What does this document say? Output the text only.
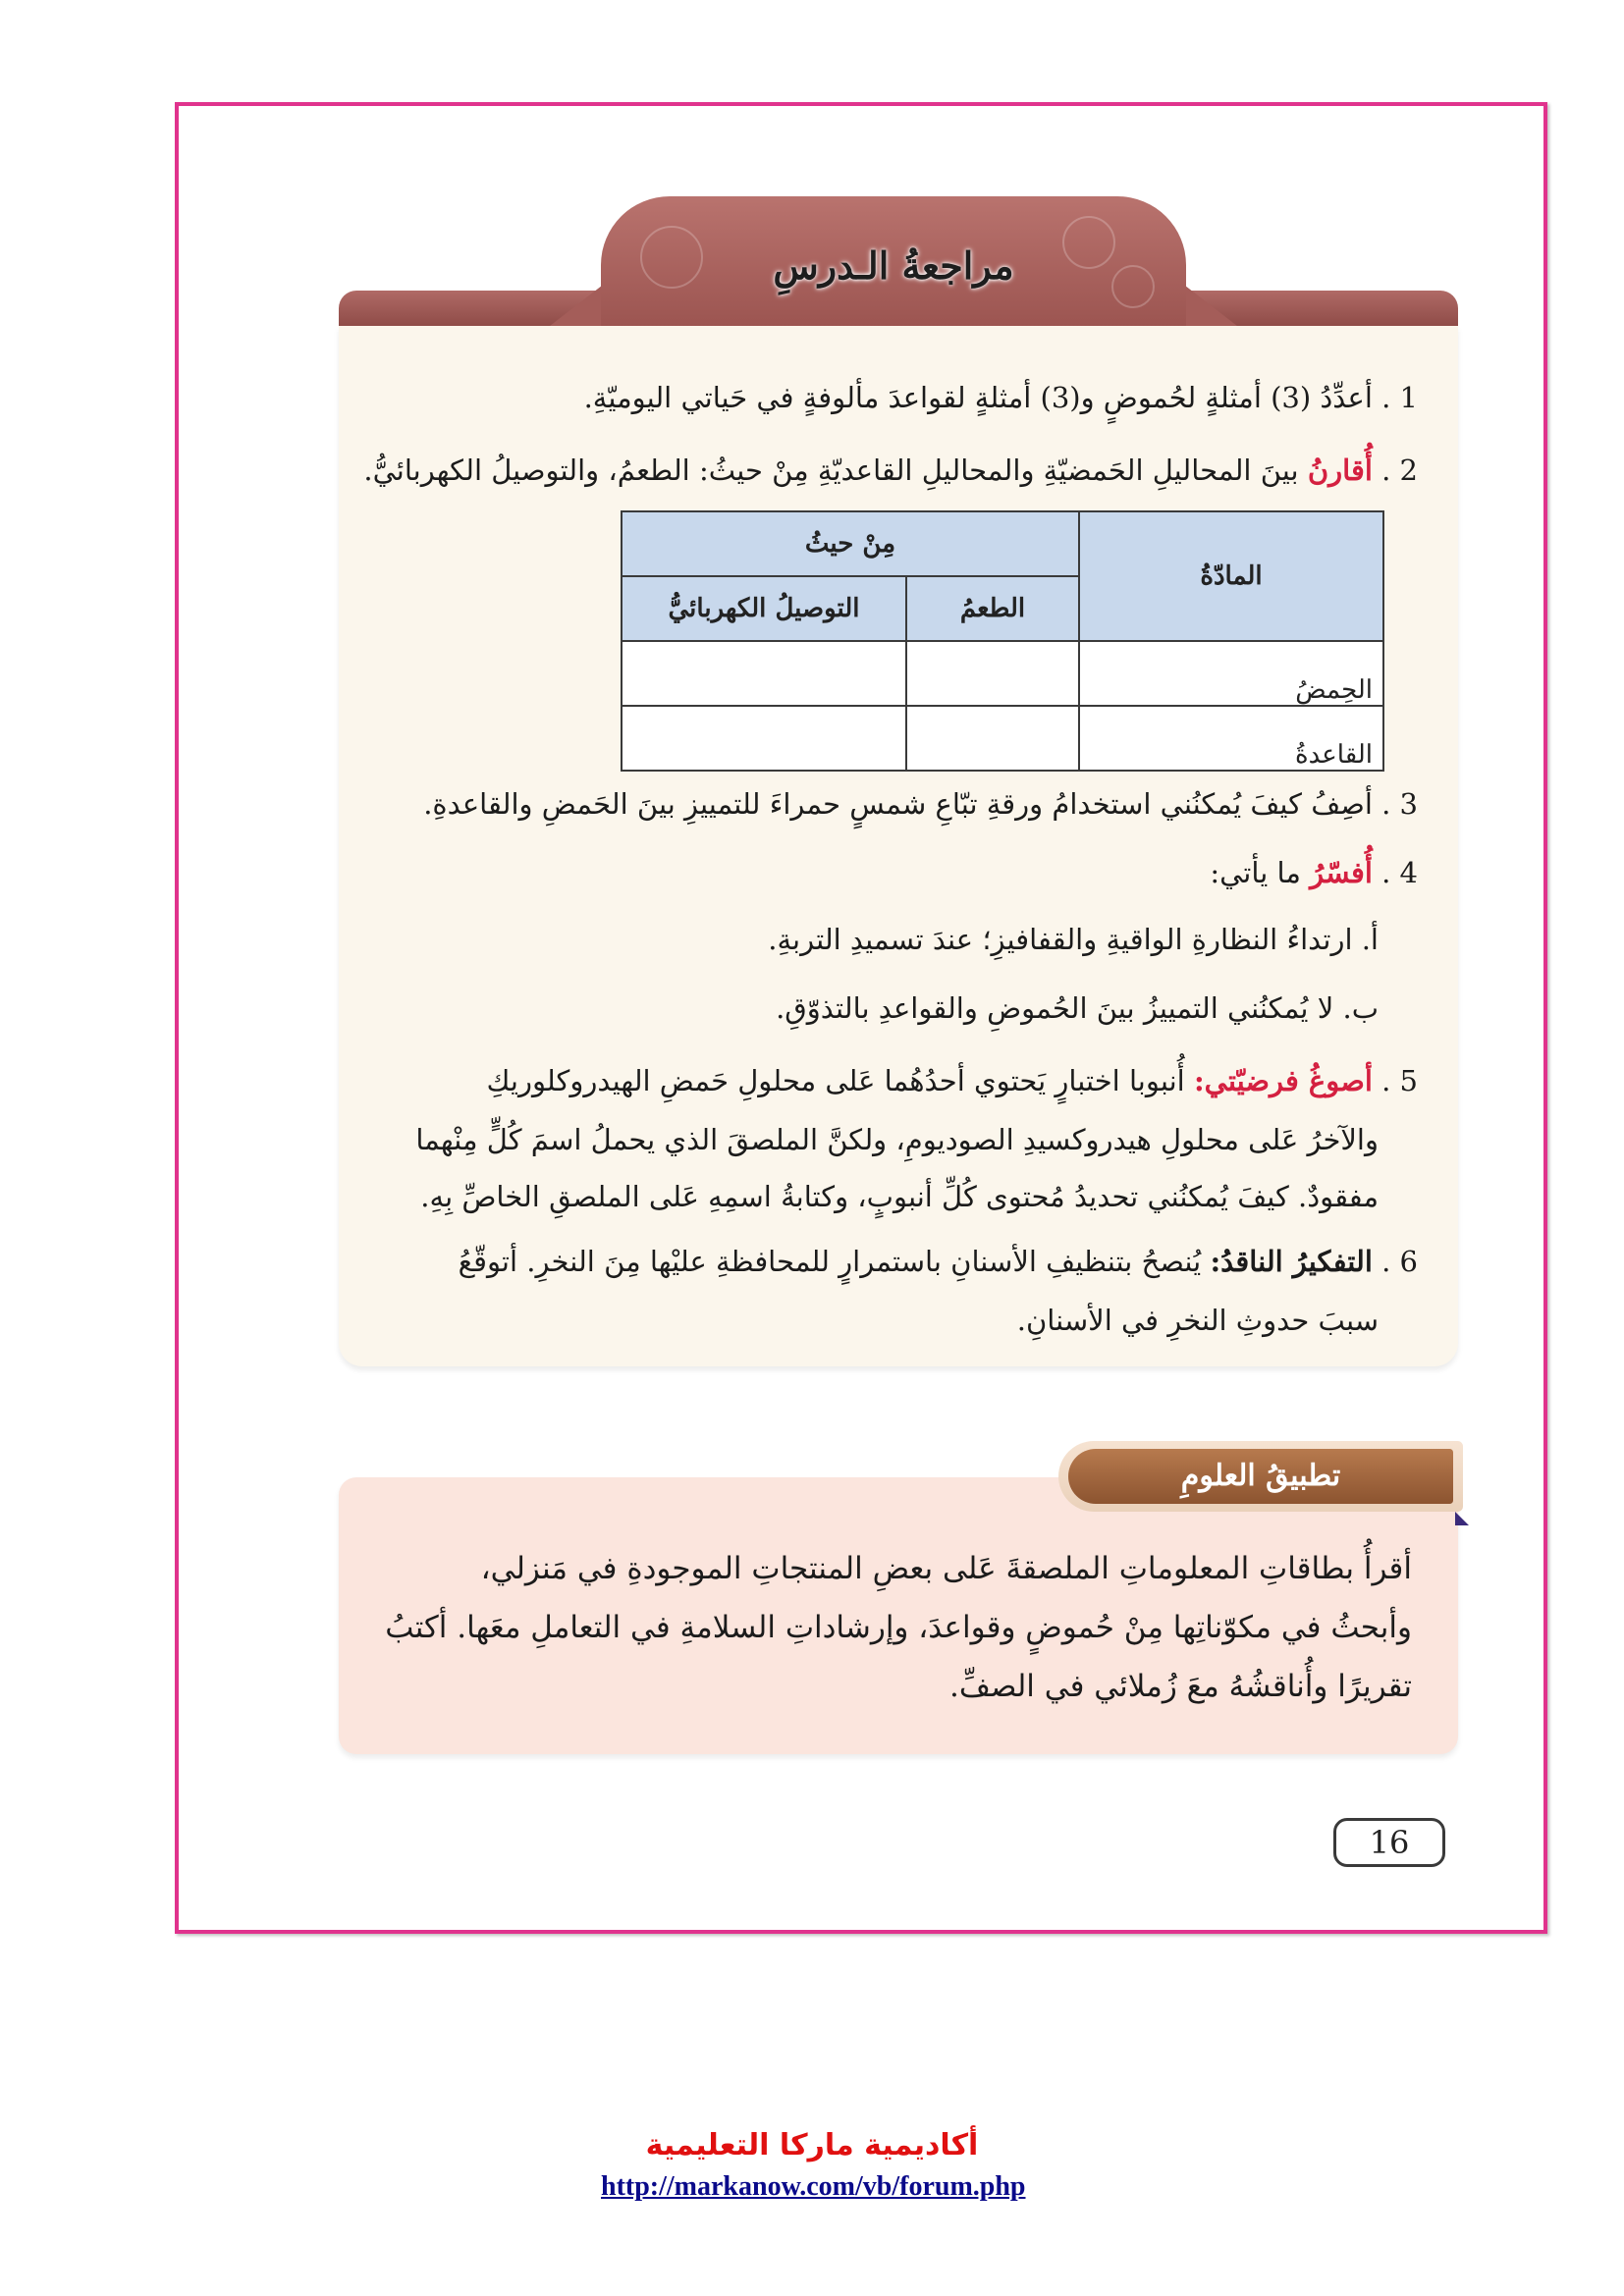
مراجعةُ الـدرسِ
1 . أعدِّدُ (3) أمثلةٍ لحُموضٍ و(3) أمثلةٍ لقواعدَ مألوفةٍ في حَياتي اليوميّةِ.
2 . أُقارنُ بينَ المحاليلِ الحَمضيّةِ والمحاليلِ القاعديّةِ مِنْ حيثُ: الطعمُ، والتوصيلُ الكهربائيُّ.
المادّةُ	مِنْ حيثُ	
	الطعمُ	التوصيلُ الكهربائيُّ
الحِمضُ		
القاعدةُ		
3 . أصِفُ كيفَ يُمكنُني استخدامُ ورقةِ تبّاعِ شمسٍ حمراءَ للتمييزِ بينَ الحَمضِ والقاعدةِ.
4 . أُفسّرُ ما يأتي:
أ. ارتداءُ النظارةِ الواقيةِ والقفافيزِ؛ عندَ تسميدِ التربةِ.
ب. لا يُمكنُني التمييزُ بينَ الحُموضِ والقواعدِ بالتذوّقِ.
5 . أصوغُ فرضيّتي: أُنبوبا اختبارٍ يَحتوي أحدُهُما عَلى محلولِ حَمضِ الهيدروكلوريكِ
والآخرُ عَلى محلولِ هيدروكسيدِ الصوديومِ، ولكنَّ الملصقَ الذي يحملُ اسمَ كُلٍّ مِنْهما
مفقودٌ. كيفَ يُمكنُني تحديدُ مُحتوى كُلِّ أنبوبٍ، وكتابةُ اسمِهِ عَلى الملصقِ الخاصِّ بِهِ.
6 . التفكيرُ الناقدُ: يُنصحُ بتنظيفِ الأسنانِ باستمرارٍ للمحافظةِ عليْها مِنَ النخرِ. أتوقّعُ
سببَ حدوثِ النخرِ في الأسنانِ.
تطبيقُ العلومِ
أقرأُ بطاقاتِ المعلوماتِ الملصقةَ عَلى بعضِ المنتجاتِ الموجودةِ في مَنزلي،
وأبحثُ في مكوّناتِها مِنْ حُموضٍ وقواعدَ، وإرشاداتِ السلامةِ في التعاملِ معَها. أكتبُ
تقريرًا وأُناقشُهُ معَ زُملائي في الصفِّ.
16
أكاديمية ماركا التعليمية
http://markanow.com/vb/forum.php
